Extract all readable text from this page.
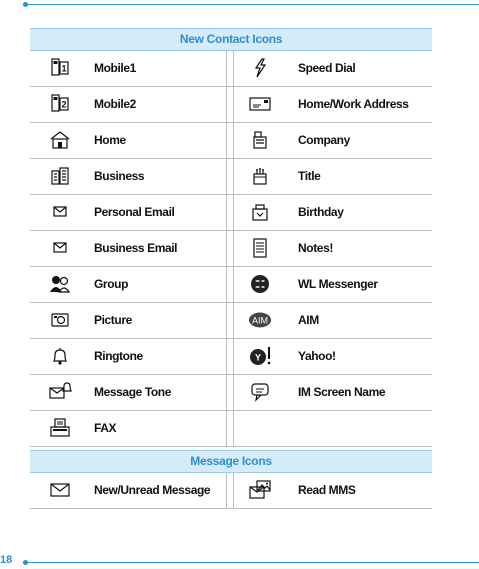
New Contact Icons
1 Mobile1	Speed Dial
2 Mobile2	Home/Work Address
Home	Company
Business	Title
Personal Email	Birthday
Business Email	Notes!
Group	WL Messenger
Picture	AIM AIM
Ringtone	Y	Yahoo!
Message Tone	IM Screen Name
FAX
Message Icons
New/Unread Message	Read MMS
18
